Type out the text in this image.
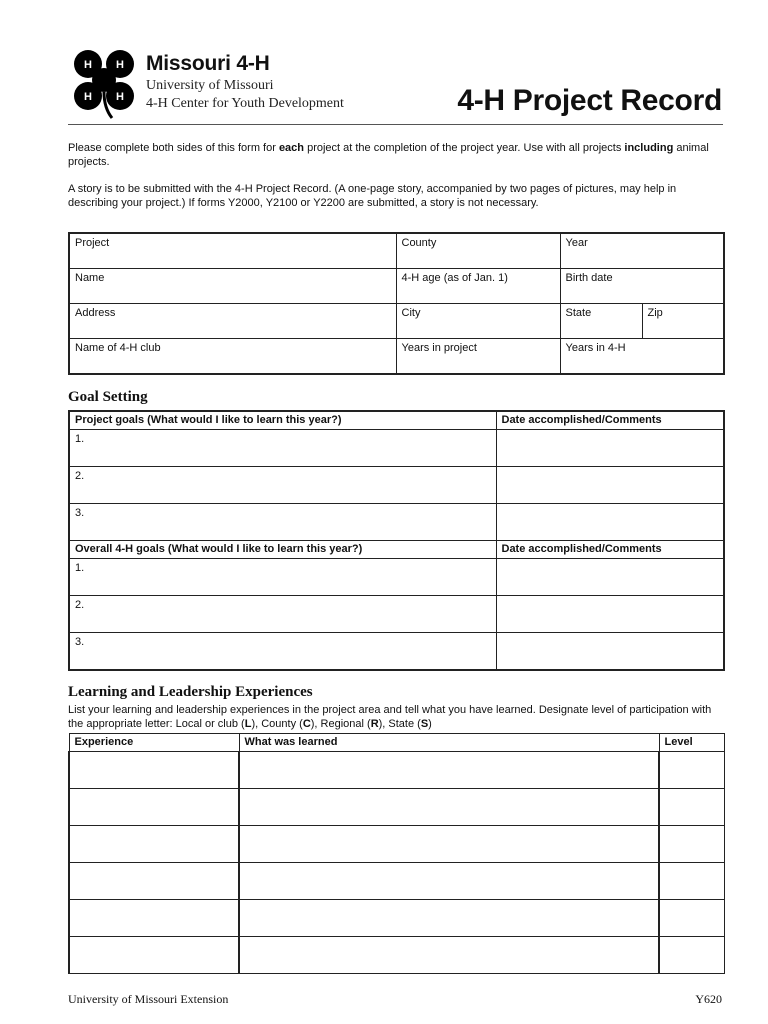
H H
H H
Missouri 4-H
University of Missouri
4-H Center for Youth Development	4-H Project Record
Please complete both sides of this form for each project at the completion of the project year. Use with all projects including animal projects.
A story is to be submitted with the 4-H Project Record. (A one-page story, accompanied by two pages of pictures, may help in describing your project.) If forms Y2000, Y2100 or Y2200 are submitted, a story is not necessary.
Project	County	Year	
Name	4-H age (as of Jan. 1)	Birth date	
Address	City	State	Zip
Name of 4-H club	Years in project	Years in 4-H	
Goal Setting
Project goals (What would I like to learn this year?)	Date accomplished/Comments
1.	
2.	
3.	
Overall 4-H goals (What would I like to learn this year?)	Date accomplished/Comments
1.	
2.	
3.	
Learning and Leadership Experiences
List your learning and leadership experiences in the project area and tell what you have learned. Designate level of participation with the appropriate letter: Local or club (L), County (C), Regional (R), State (S)
Experience	What was learned	Level

University of Missouri Extension	Y620
